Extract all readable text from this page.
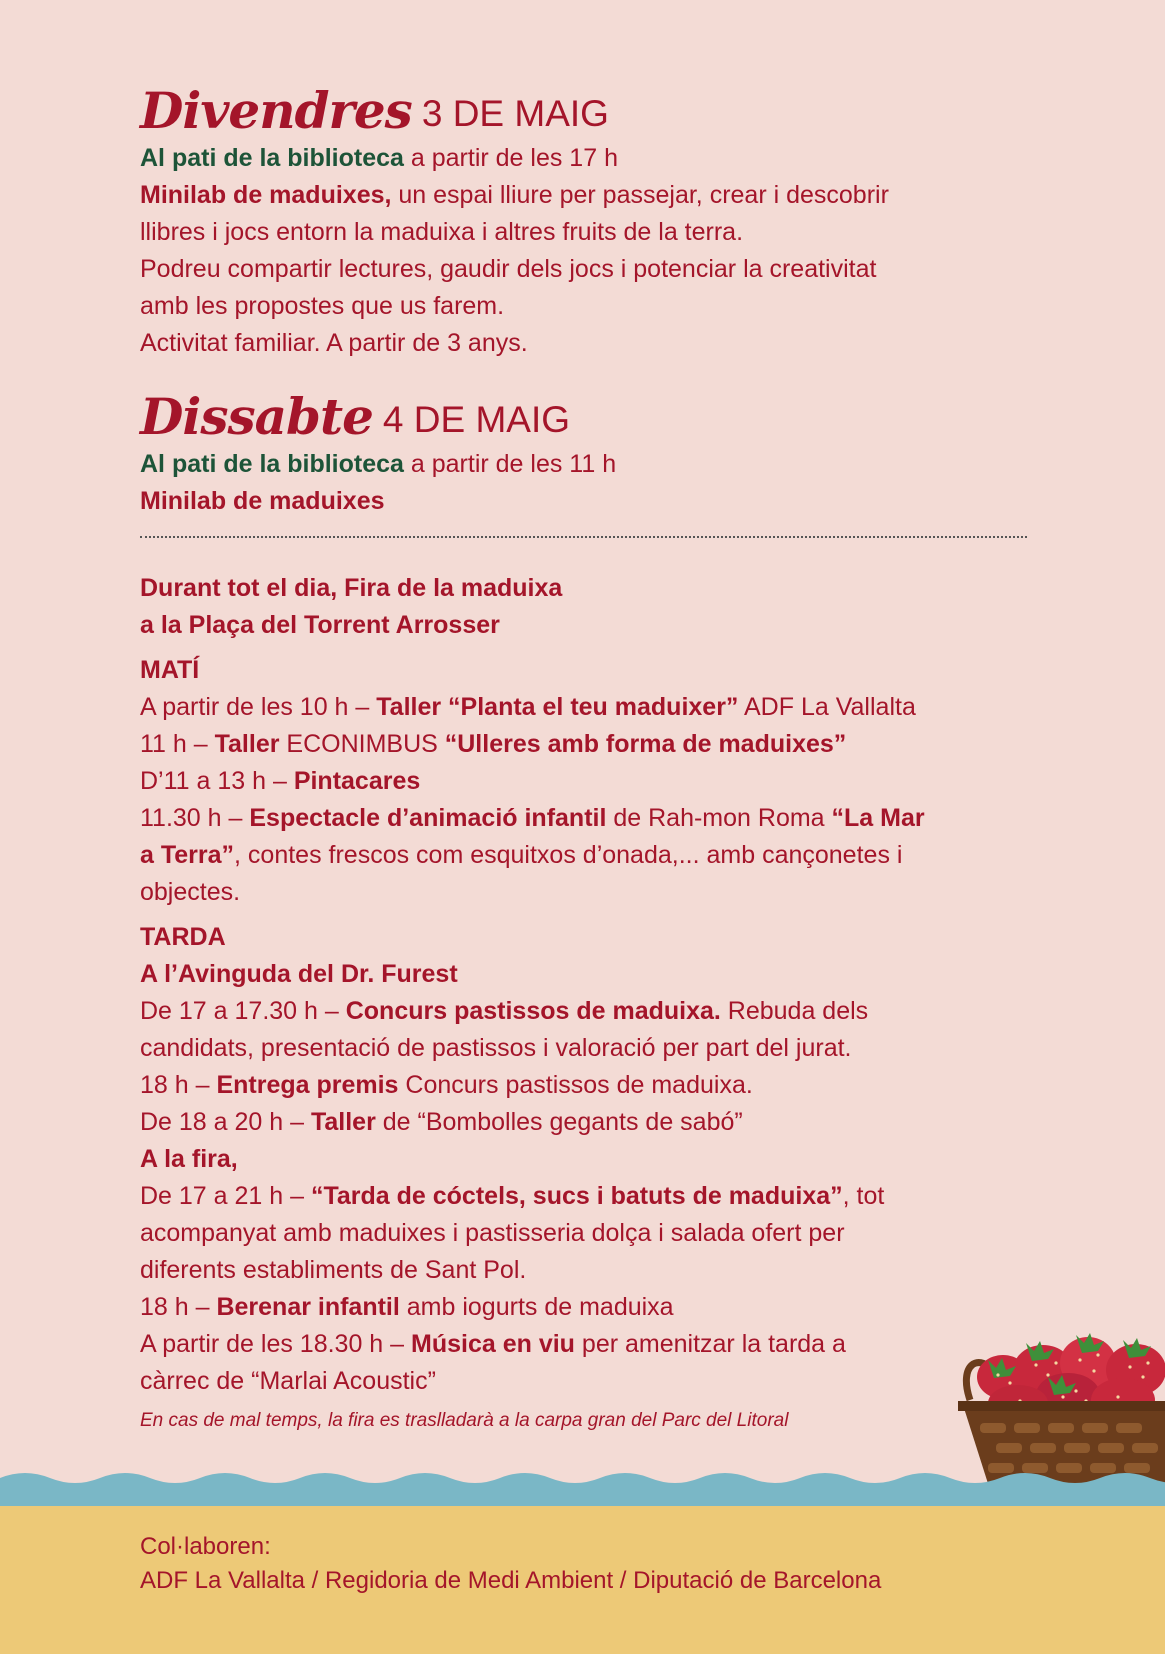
Divendres 3 DE MAIG

Al pati de la biblioteca a partir de les 17 h

Minilab de maduixes, un espai lliure per passejar, crear i descobrir

llibres i jocs entorn la maduixa i altres fruits de la terra.

Podreu compartir lectures, gaudir dels jocs i potenciar la creativitat

amb les propostes que us farem.

Activitat familiar. A partir de 3 anys.

Dissabte 4 DE MAIG

Al pati de la biblioteca a partir de les 11 h

Minilab de maduixes

Durant tot el dia, Fira de la maduixa

a la Plaça del Torrent Arrosser

MATÍ

A partir de les 10 h – Taller “Planta el teu maduixer” ADF La Vallalta

11 h – Taller ECONIMBUS “Ulleres amb forma de maduixes”

D’11 a 13 h – Pintacares

11.30 h – Espectacle d’animació infantil de Rah-mon Roma “La Mar

a Terra”, contes frescos com esquitxos d’onada,... amb cançonetes i

objectes.

TARDA

A l’Avinguda del Dr. Furest

De 17 a 17.30 h – Concurs pastissos de maduixa. Rebuda dels

candidats, presentació de pastissos i valoració per part del jurat.

18 h – Entrega premis Concurs pastissos de maduixa.

De 18 a 20 h – Taller de “Bombolles gegants de sabó”

A la fira,

De 17 a 21 h – “Tarda de cóctels, sucs i batuts de maduixa”, tot

acompanyat amb maduixes i pastisseria dolça i salada ofert per

diferents establiments de Sant Pol.

18 h – Berenar infantil amb iogurts de maduixa

A partir de les 18.30 h – Música en viu per amenitzar la tarda a

càrrec de “Marlai Acoustic”

En cas de mal temps, la fira es traslladarà a la carpa gran del Parc del Litoral

Col·laboren:
ADF La Vallalta / Regidoria de Medi Ambient / Diputació de Barcelona
